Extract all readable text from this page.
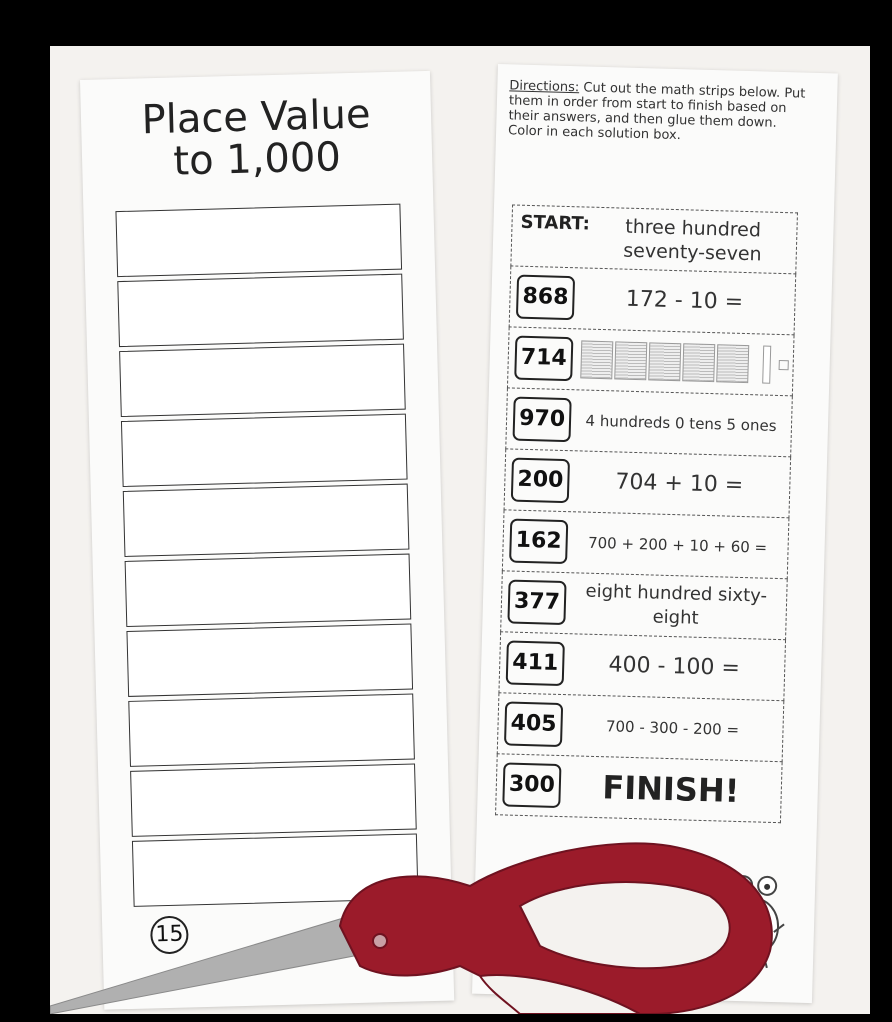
Place Value
to 1,000
15
Directions: Cut out the math strips below. Put them in order from start to finish based on their answers, and then glue them down. Color in each solution box.
START:	three hundred seventy-seven
868	172 - 10 =
714
970	4 hundreds 0 tens 5 ones
200	704 + 10 =
162	700 + 200 + 10 + 60 =
377	eight hundred sixty-eight
411	400 - 100 =
405	700 - 300 - 200 =
300	FINISH!
